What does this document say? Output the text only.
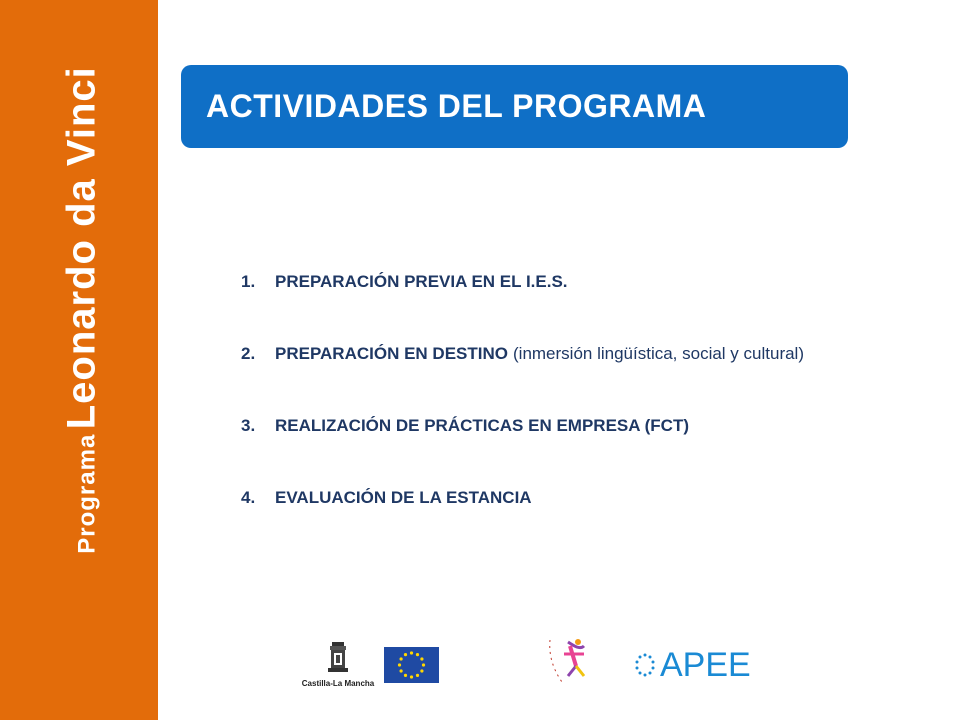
Programa Leonardo da Vinci	ACTIVIDADES DEL PROGRAMA
1.	PREPARACIÓN PREVIA EN EL I.E.S.
2.	PREPARACIÓN EN DESTINO (inmersión lingüística, social y cultural)
3.	REALIZACIÓN DE PRÁCTICAS EN EMPRESA (FCT)
4.	EVALUACIÓN DE LA ESTANCIA
Castilla-La Mancha	APEE
